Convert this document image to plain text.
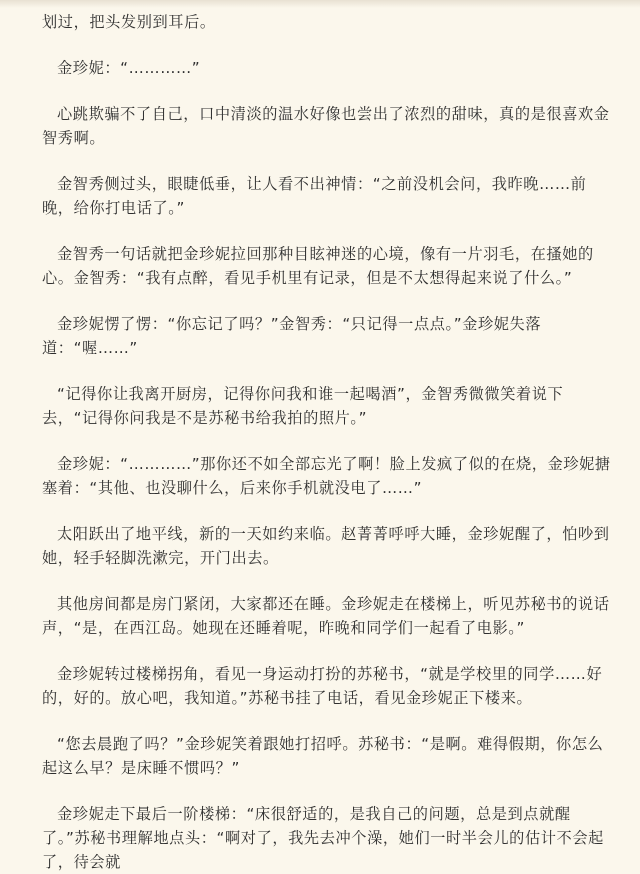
划过，把头发别到耳后。

金珍妮：“…………”

心跳欺骗不了自己，口中清淡的温水好像也尝出了浓烈的甜味，真的是很喜欢金智秀啊。

金智秀侧过头，眼睫低垂，让人看不出神情：“之前没机会问，我昨晚……前晚，给你打电话了。”

金智秀一句话就把金珍妮拉回那种目眩神迷的心境，像有一片羽毛，在搔她的心。金智秀：“我有点醉，看见手机里有记录，但是不太想得起来说了什么。”

金珍妮愣了愣：“你忘记了吗？”金智秀：“只记得一点点。”金珍妮失落道：“喔……”

“记得你让我离开厨房，记得你问我和谁一起喝酒”，金智秀微微笑着说下去，“记得你问我是不是苏秘书给我拍的照片。”

金珍妮：“…………”那你还不如全部忘光了啊！脸上发疯了似的在烧，金珍妮搪塞着：“其他、也没聊什么，后来你手机就没电了……”

太阳跃出了地平线，新的一天如约来临。赵菁菁呼呼大睡，金珍妮醒了，怕吵到她，轻手轻脚洗漱完，开门出去。

其他房间都是房门紧闭，大家都还在睡。金珍妮走在楼梯上，听见苏秘书的说话声，“是，在西江岛。她现在还睡着呢，昨晚和同学们一起看了电影。”

金珍妮转过楼梯拐角，看见一身运动打扮的苏秘书，“就是学校里的同学……好的，好的。放心吧，我知道。”苏秘书挂了电话，看见金珍妮正下楼来。

“您去晨跑了吗？”金珍妮笑着跟她打招呼。苏秘书：“是啊。难得假期，你怎么起这么早？是床睡不惯吗？”

金珍妮走下最后一阶楼梯：“床很舒适的，是我自己的问题，总是到点就醒了。”苏秘书理解地点头：“啊对了，我先去冲个澡，她们一时半会儿的估计不会起了，待会就
